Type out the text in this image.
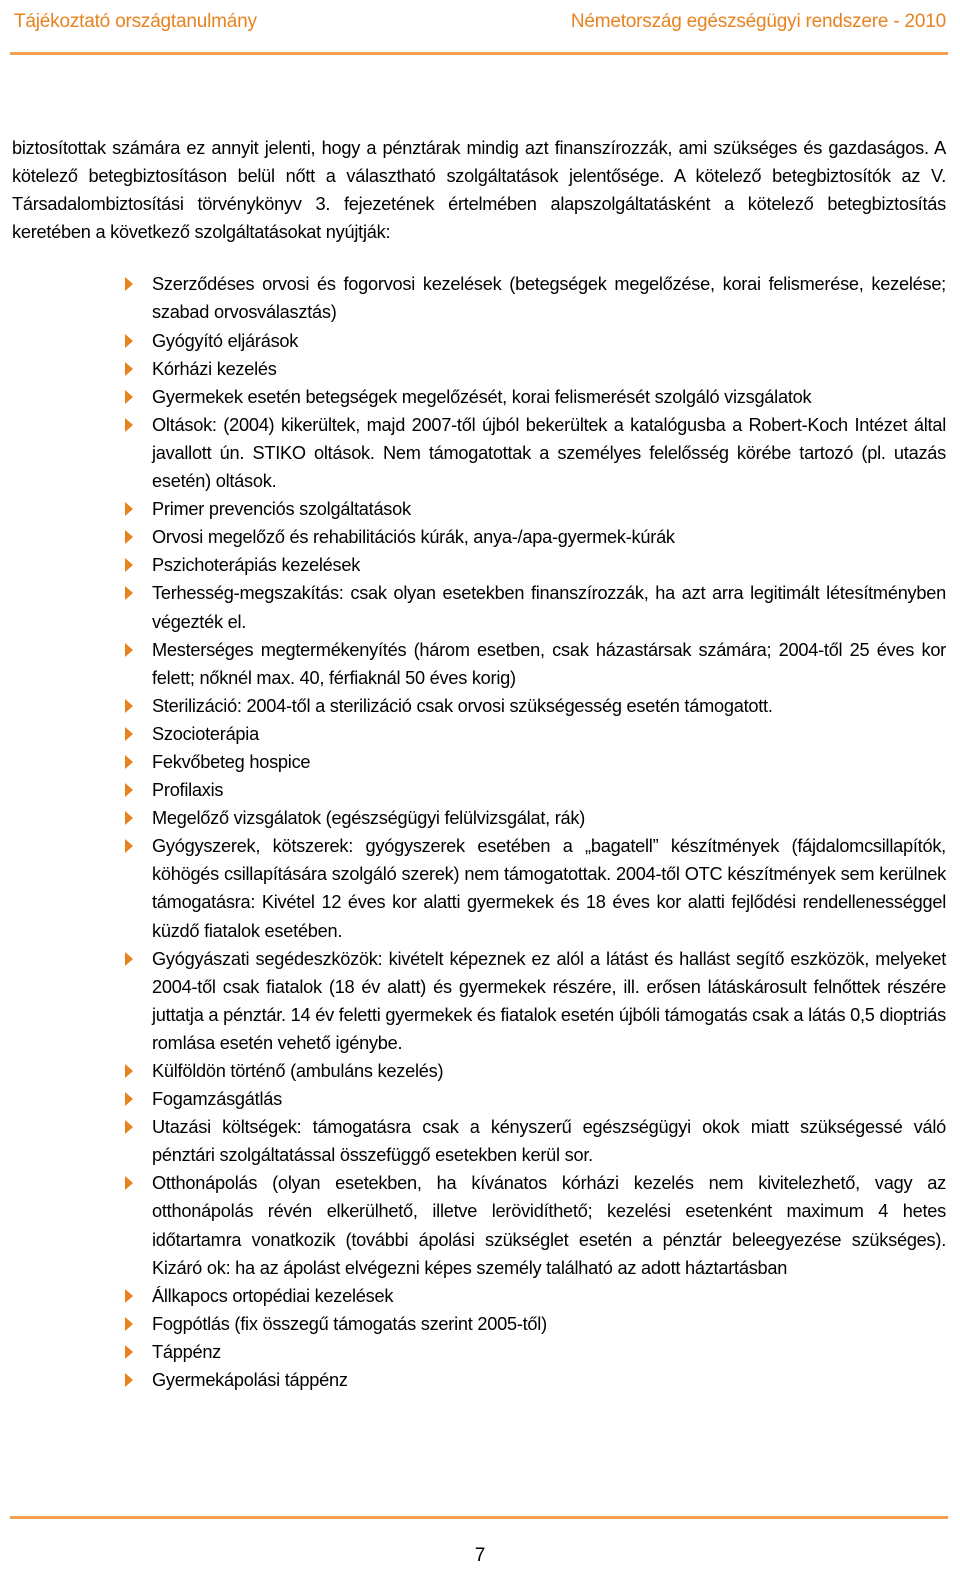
Tájékoztató országtanulmány	Németország egészségügyi rendszere - 2010

biztosítottak számára ez annyit jelenti, hogy a pénztárak mindig azt finanszírozzák, ami szükséges és gazdaságos. A kötelező betegbiztosításon belül nőtt a választható szolgáltatások jelentősége. A kötelező betegbiztosítók az V. Társadalombiztosítási törvénykönyv 3. fejezetének értelmében alapszolgáltatásként a kötelező betegbiztosítás keretében a következő szolgáltatásokat nyújtják:

Szerződéses orvosi és fogorvosi kezelések (betegségek megelőzése, korai felismerése, kezelése; szabad orvosválasztás)
Gyógyító eljárások
Kórházi kezelés
Gyermekek esetén betegségek megelőzését, korai felismerését szolgáló vizsgálatok
Oltások: (2004) kikerültek, majd 2007-től újból bekerültek a katalógusba a Robert-Koch Intézet által javallott ún. STIKO oltások. Nem támogatottak a személyes felelősség körébe tartozó (pl. utazás esetén) oltások.
Primer prevenciós szolgáltatások
Orvosi megelőző és rehabilitációs kúrák, anya-/apa-gyermek-kúrák
Pszichoterápiás kezelések
Terhesség-megszakítás: csak olyan esetekben finanszírozzák, ha azt arra legitimált létesítményben végezték el.
Mesterséges megtermékenyítés (három esetben, csak házastársak számára; 2004-től 25 éves kor felett; nőknél max. 40, férfiaknál 50 éves korig)
Sterilizáció: 2004-től a sterilizáció csak orvosi szükségesség esetén támogatott.
Szocioterápia
Fekvőbeteg hospice
Profilaxis
Megelőző vizsgálatok (egészségügyi felülvizsgálat, rák)
Gyógyszerek, kötszerek: gyógyszerek esetében a „bagatell” készítmények (fájdalomcsillapítók, köhögés csillapítására szolgáló szerek) nem támogatottak. 2004-től OTC készítmények sem kerülnek támogatásra: Kivétel 12 éves kor alatti gyermekek és 18 éves kor alatti fejlődési rendellenességgel küzdő fiatalok esetében.
Gyógyászati segédeszközök: kivételt képeznek ez alól a látást és hallást segítő eszközök, melyeket 2004-től csak fiatalok (18 év alatt) és gyermekek részére, ill. erősen látáskárosult felnőttek részére juttatja a pénztár. 14 év feletti gyermekek és fiatalok esetén újbóli támogatás csak a látás 0,5 dioptriás romlása esetén vehető igénybe.
Külföldön történő (ambuláns kezelés)
Fogamzásgátlás
Utazási költségek: támogatásra csak a kényszerű egészségügyi okok miatt szükségessé váló pénztári szolgáltatással összefüggő esetekben kerül sor.
Otthonápolás (olyan esetekben, ha kívánatos kórházi kezelés nem kivitelezhető, vagy az otthonápolás révén elkerülhető, illetve lerövidíthető; kezelési esetenként maximum 4 hetes időtartamra vonatkozik (további ápolási szükséglet esetén a pénztár beleegyezése szükséges). Kizáró ok: ha az ápolást elvégezni képes személy található az adott háztartásban
Állkapocs ortopédiai kezelések
Fogpótlás (fix összegű támogatás szerint 2005-től)
Táppénz
Gyermekápolási táppénz
7
